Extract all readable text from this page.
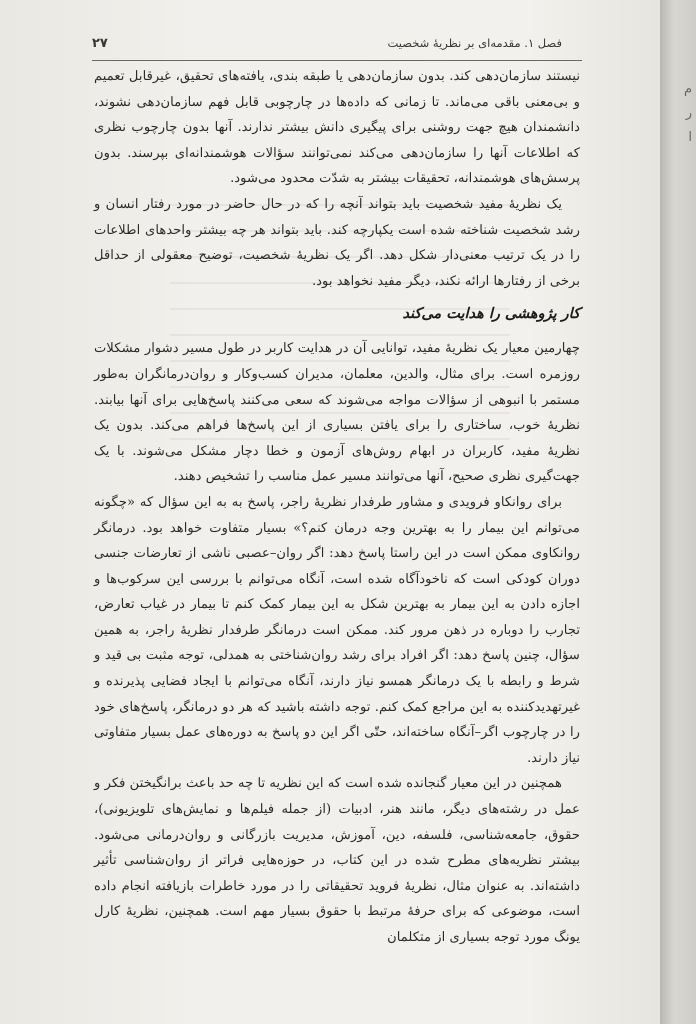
فصل ۱. مقدمه‌ای بر نظریهٔ شخصیت
۲۷

نیستند سازمان‌دهی کند. بدون سازمان‌دهی یا طبقه بندی، یافته‌های تحقیق، غیرقابل تعمیم و بی‌معنی باقی می‌ماند. تا زمانی که داده‌ها در چارچوبی قابل فهم سازمان‌دهی نشوند، دانشمندان هیچ جهت روشنی برای پیگیری دانش بیشتر ندارند. آنها بدون چارچوب نظری که اطلاعات آنها را سازمان‌دهی می‌کند نمی‌توانند سؤالات هوشمندانه‌ای بپرسند. بدون پرسش‌های هوشمندانه، تحقیقات بیشتر به شدّت محدود می‌شود.

یک نظریهٔ مفید شخصیت باید بتواند آنچه را که در حال حاضر در مورد رفتار انسان و رشد شخصیت شناخته شده است یکپارچه کند. باید بتواند هر چه بیشتر واحدهای اطلاعات را در یک ترتیب معنی‌دار شکل دهد. اگر یک نظریهٔ شخصیت، توضیح معقولی از حداقل برخی از رفتارها ارائه نکند، دیگر مفید نخواهد بود.

کار پژوهشی را هدایت می‌کند

چهارمین معیار یک نظریهٔ مفید، توانایی آن در هدایت کاربر در طول مسیر دشوار مشکلات روزمره است. برای مثال، والدین، معلمان، مدیران کسب‌وکار و روان‌درمانگران به‌طور مستمر با انبوهی از سؤالات مواجه می‌شوند که سعی می‌کنند پاسخ‌هایی برای آنها بیابند. نظریهٔ خوب، ساختاری را برای یافتن بسیاری از این پاسخ‌ها فراهم می‌کند. بدون یک نظریهٔ مفید، کاربران در ابهام روش‌های آزمون و خطا دچار مشکل می‌شوند. با یک جهت‌گیری نظری صحیح، آنها می‌توانند مسیر عمل مناسب را تشخیص دهند.

برای روانکاو فرویدی و مشاور طرفدار نظریهٔ راجر، پاسخ به به این سؤال که «چگونه می‌توانم این بیمار را به بهترین وجه درمان کنم؟» بسیار متفاوت خواهد بود. درمانگر روانکاوی ممکن است در این راستا پاسخ دهد: اگر روان–عصبی ناشی از تعارضات جنسی دوران کودکی است که ناخودآگاه شده است، آنگاه می‌توانم با بررسی این سرکوب‌ها و اجازه دادن به این بیمار به بهترین شکل به این بیمار کمک کنم تا بیمار در غیاب تعارض، تجارب را دوباره در ذهن مرور کند. ممکن است درمانگر طرفدار نظریهٔ راجر، به همین سؤال، چنین پاسخ دهد: اگر افراد برای رشد روان‌شناختی به همدلی، توجه مثبت بی قید و شرط و رابطه با یک درمانگر همسو نیاز دارند، آنگاه می‌توانم با ایجاد فضایی پذیرنده و غیرتهدیدکننده به این مراجع کمک کنم. توجه داشته باشید که هر دو درمانگر، پاسخ‌های خود را در چارچوب اگر–آنگاه ساخته‌اند، حتّی اگر این دو پاسخ به دوره‌های عمل بسیار متفاوتی نیاز دارند.

همچنین در این معیار گنجانده شده است که این نظریه تا چه حد باعث برانگیختن فکر و عمل در رشته‌های دیگر، مانند هنر، ادبیات (از جمله فیلم‌ها و نمایش‌های تلویزیونی)، حقوق، جامعه‌شناسی، فلسفه، دین، آموزش، مدیریت بازرگانی و روان‌درمانی می‌شود. بیشتر نظریه‌های مطرح شده در این کتاب، در حوزه‌هایی فراتر از روان‌شناسی تأثیر داشته‌اند. به عنوان مثال، نظریهٔ فروید تحقیقاتی را در مورد خاطرات بازیافته انجام داده است، موضوعی که برای حرفهٔ مرتبط با حقوق بسیار مهم است. همچنین، نظریهٔ کارل یونگ مورد توجه بسیاری از متکلمان

م
ر
ا
